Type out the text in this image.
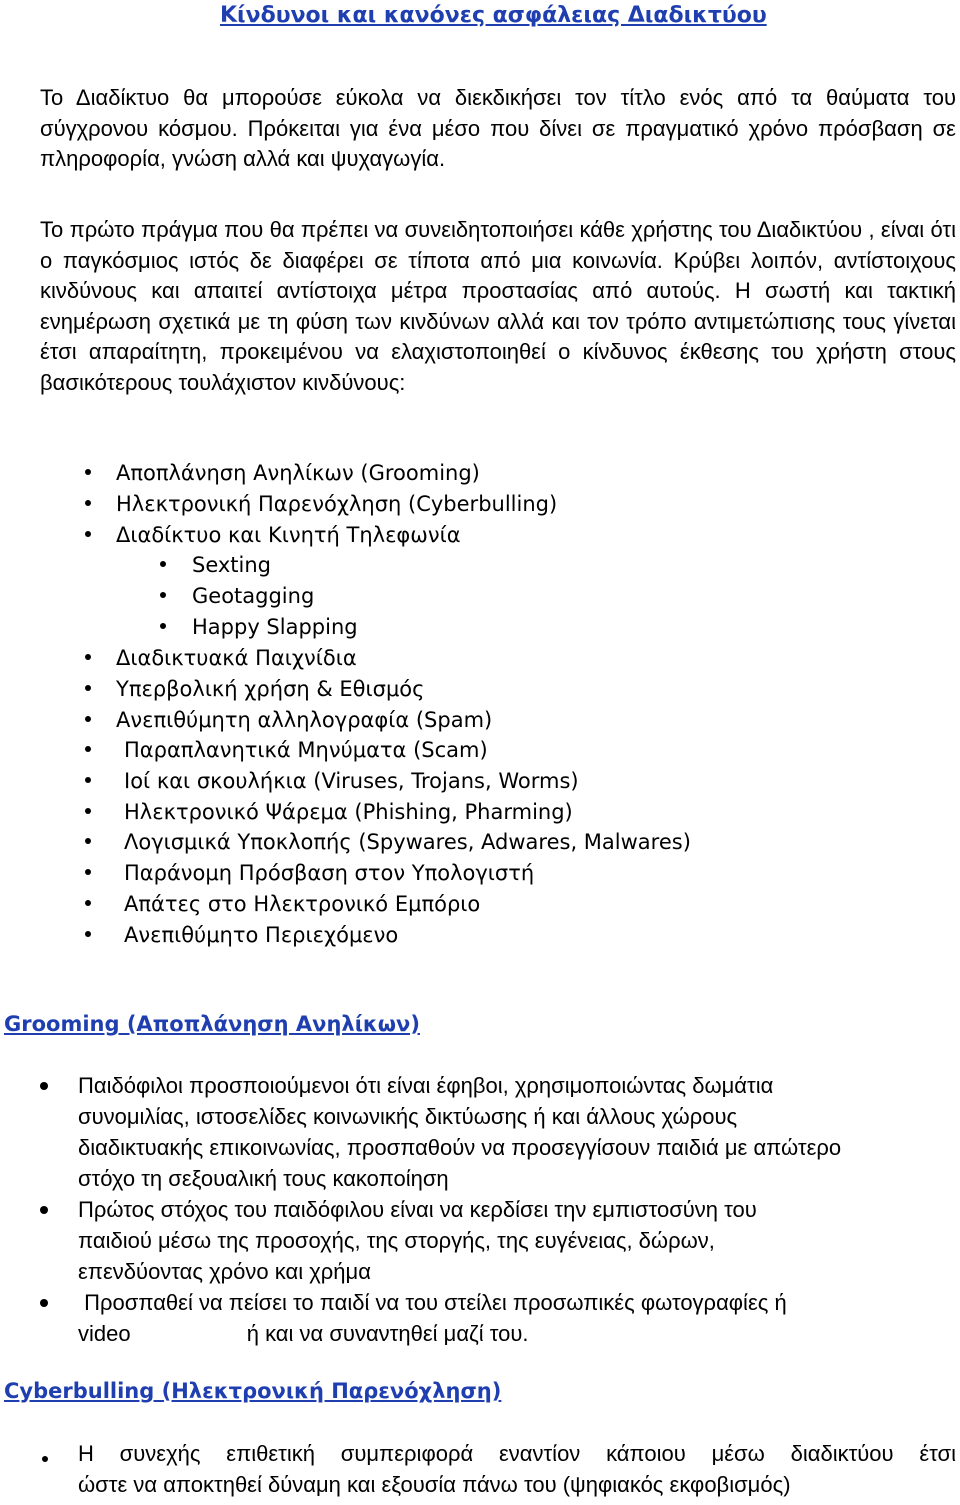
Κίνδυνοι και κανόνες ασφάλειας Διαδικτύου

Το Διαδίκτυο θα μπορούσε εύκολα να διεκδικήσει τον τίτλο ενός από τα θαύματα του σύγχρονου κόσμου. Πρόκειται για ένα μέσο που δίνει σε πραγματικό χρόνο πρόσβαση σε πληροφορία, γνώση αλλά και ψυχαγωγία.

Το πρώτο πράγμα που θα πρέπει να συνειδητοποιήσει κάθε χρήστης του Διαδικτύου , είναι ότι ο παγκόσμιος ιστός δε διαφέρει σε τίποτα από μια κοινωνία. Κρύβει λοιπόν, αντίστοιχους κινδύνους και απαιτεί αντίστοιχα μέτρα προστασίας από αυτούς. Η σωστή και τακτική ενημέρωση σχετικά με τη φύση των κινδύνων αλλά και τον τρόπο αντιμετώπισης τους γίνεται έτσι απαραίτητη, προκειμένου να ελαχιστοποιηθεί ο κίνδυνος έκθεσης του χρήστη στους βασικότερους τουλάχιστον κινδύνους:

Αποπλάνηση Ανηλίκων (Grooming)
Ηλεκτρονική Παρενόχληση (Cyberbulling)
Διαδίκτυο και Κινητή Τηλεφωνία
Sexting
Geotagging
Happy Slapping
Διαδικτυακά Παιχνίδια
Υπερβολική χρήση & Εθισμός
Ανεπιθύμητη αλληλογραφία (Spam)
Παραπλανητικά Μηνύματα (Scam)
Ιοί και σκουλήκια (Viruses, Trojans, Worms)
Ηλεκτρονικό Ψάρεμα (Phishing, Pharming)
Λογισμικά Υποκλοπής (Spywares, Adwares, Malwares)
Παράνομη Πρόσβαση στον Υπολογιστή
Απάτες στο Ηλεκτρονικό Εμπόριο
Ανεπιθύμητο Περιεχόμενο
Grooming (Αποπλάνηση Ανηλίκων)
Παιδόφιλοι προσποιούμενοι ότι είναι έφηβοι, χρησιμοποιώντας δωμάτια
συνομιλίας, ιστοσελίδες κοινωνικής δικτύωσης ή και άλλους χώρους
διαδικτυακής επικοινωνίας, προσπαθούν να προσεγγίσουν παιδιά με απώτερο
στόχο τη σεξουαλική τους κακοποίηση
Πρώτος στόχος του παιδόφιλου είναι να κερδίσει την εμπιστοσύνη του
παιδιού μέσω της προσοχής, της στοργής, της ευγένειας, δώρων,
επενδύοντας χρόνο και χρήμα
Προσπαθεί να πείσει το παιδί να του στείλει προσωπικές φωτογραφίες ή
video                   ή και να συναντηθεί μαζί του.
Cyberbulling (Ηλεκτρονική Παρενόχληση)
Η συνεχής επιθετική συμπεριφορά εναντίον κάποιου μέσω διαδικτύου έτσι
ώστε να αποκτηθεί δύναμη και εξουσία πάνω του (ψηφιακός εκφοβισμός)
